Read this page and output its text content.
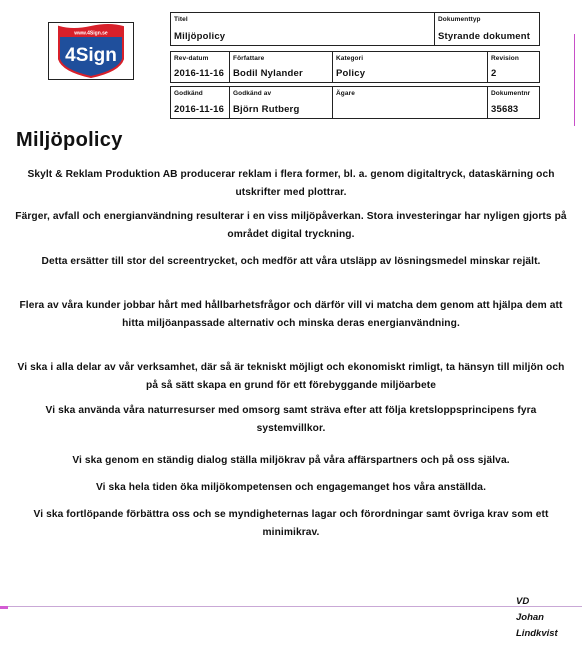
www.4Sign.se
4Sign
Titel
Miljöpolicy
Dokumenttyp
Styrande dokument
Rev-datum
2016-11-16
Författare
Bodil Nylander
Kategori
Policy
Revision
2
Godkänd
2016-11-16
Godkänd av
Björn Rutberg
Ägare	Dokumentnr
35683
Miljöpolicy
Skylt & Reklam Produktion AB producerar reklam i flera former, bl. a. genom digitaltryck, dataskärning och utskrifter med plottrar.
Färger, avfall och energianvändning resulterar i en viss miljöpåverkan. Stora investeringar har nyligen gjorts på området digital tryckning.
Detta ersätter till stor del screentrycket, och medför att våra utsläpp av lösningsmedel minskar rejält.
Flera av våra kunder jobbar hårt med hållbarhetsfrågor och därför vill vi matcha dem genom att hjälpa dem att hitta miljöanpassade alternativ och minska deras energianvändning.
Vi ska i alla delar av vår verksamhet, där så är tekniskt möjligt och ekonomiskt rimligt, ta hänsyn till miljön och på så sätt skapa en grund för ett förebyggande miljöarbete
Vi ska använda våra naturresurser med omsorg samt sträva efter att följa kretsloppsprincipens fyra systemvillkor.
Vi ska genom en ständig dialog ställa miljökrav på våra affärspartners och på oss själva.
Vi ska hela tiden öka miljökompetensen och engagemanget hos våra anställda.
Vi ska fortlöpande förbättra oss och se myndigheternas lagar och förordningar samt övriga krav som ett minimikrav.
VD
Johan
Lindkvist
